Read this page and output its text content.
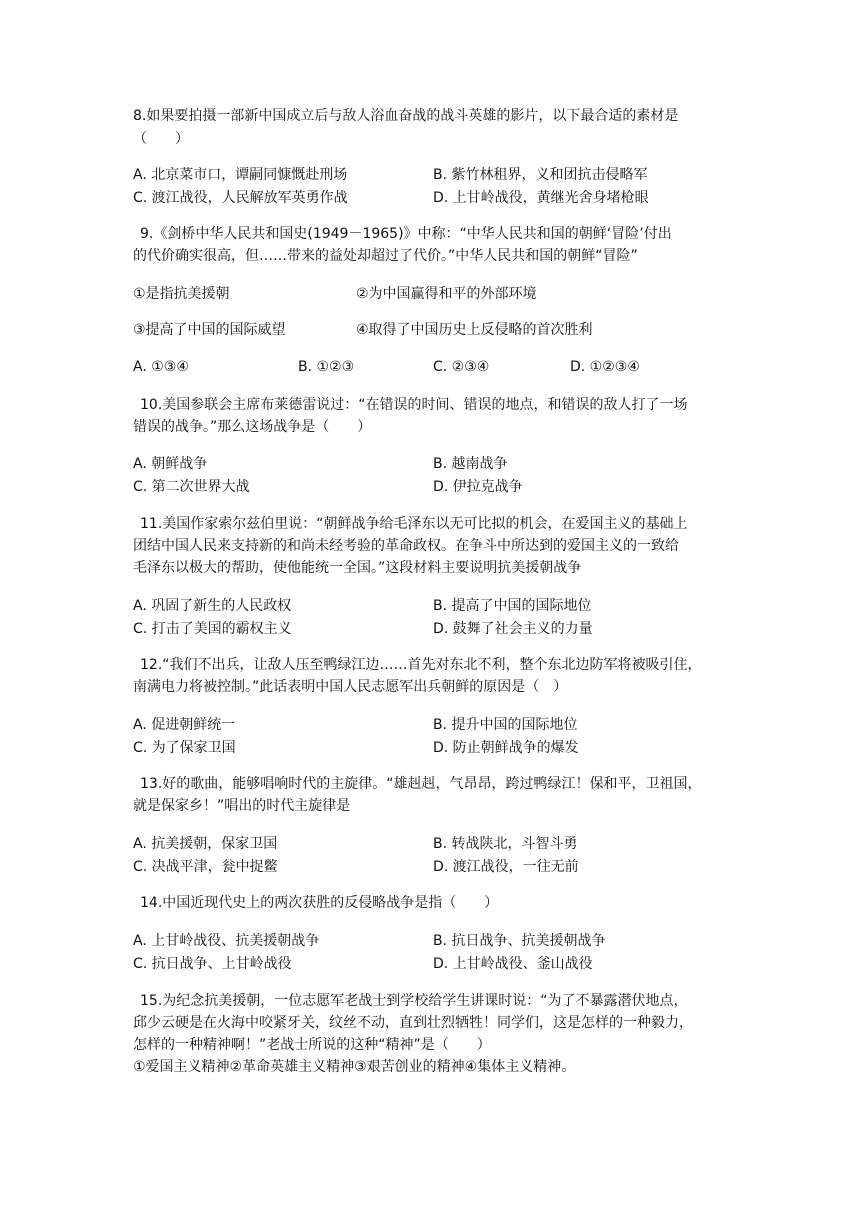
8.如果要拍摄一部新中国成立后与敌人浴血奋战的战斗英雄的影片，以下最合适的素材是
（　　）
A. 北京菜市口，谭嗣同慷慨赴刑场	B. 紫竹林租界，义和团抗击侵略军
C. 渡江战役，人民解放军英勇作战	D. 上甘岭战役，黄继光舍身堵枪眼
9.《剑桥中华人民共和国史(1949－1965)》中称：“中华人民共和国的朝鲜‘冒险’付出
的代价确实很高，但……带来的益处却超过了代价。”中华人民共和国的朝鲜“冒险”
①是指抗美援朝	②为中国赢得和平的外部环境
③提高了中国的国际威望	④取得了中国历史上反侵略的首次胜利
A. ①③④	B. ①②③	C. ②③④	D. ①②③④
10.美国参联会主席布莱德雷说过：“在错误的时间、错误的地点，和错误的敌人打了一场
错误的战争。”那么这场战争是（　　）
A. 朝鲜战争	B. 越南战争
C. 第二次世界大战	D. 伊拉克战争
11.美国作家索尔兹伯里说：“朝鲜战争给毛泽东以无可比拟的机会，在爱国主义的基础上
团结中国人民来支持新的和尚未经考验的革命政权。在争斗中所达到的爱国主义的一致给
毛泽东以极大的帮助，使他能统一全国。”这段材料主要说明抗美援朝战争
A. 巩固了新生的人民政权	B. 提高了中国的国际地位
C. 打击了美国的霸权主义	D. 鼓舞了社会主义的力量
12.“我们不出兵，让敌人压至鸭绿江边……首先对东北不利，整个东北边防军将被吸引住，
南满电力将被控制。”此话表明中国人民志愿军出兵朝鲜的原因是（　）
A. 促进朝鲜统一	B. 提升中国的国际地位
C. 为了保家卫国	D. 防止朝鲜战争的爆发
13.好的歌曲，能够唱响时代的主旋律。“雄赳赳，气昂昂，跨过鸭绿江！保和平，卫祖国，
就是保家乡！”唱出的时代主旋律是
A. 抗美援朝，保家卫国	B. 转战陕北，斗智斗勇
C. 决战平津，瓮中捉鳖	D. 渡江战役，一往无前
14.中国近现代史上的两次获胜的反侵略战争是指（　　）
A. 上甘岭战役、抗美援朝战争	B. 抗日战争、抗美援朝战争
C. 抗日战争、上甘岭战役	D. 上甘岭战役、釜山战役
15.为纪念抗美援朝，一位志愿军老战士到学校给学生讲课时说：“为了不暴露潜伏地点，
邱少云硬是在火海中咬紧牙关，纹丝不动，直到壮烈牺牲！同学们，这是怎样的一种毅力，
怎样的一种精神啊！”老战士所说的这种“精神”是（　　）
①爱国主义精神②革命英雄主义精神③艰苦创业的精神④集体主义精神。
